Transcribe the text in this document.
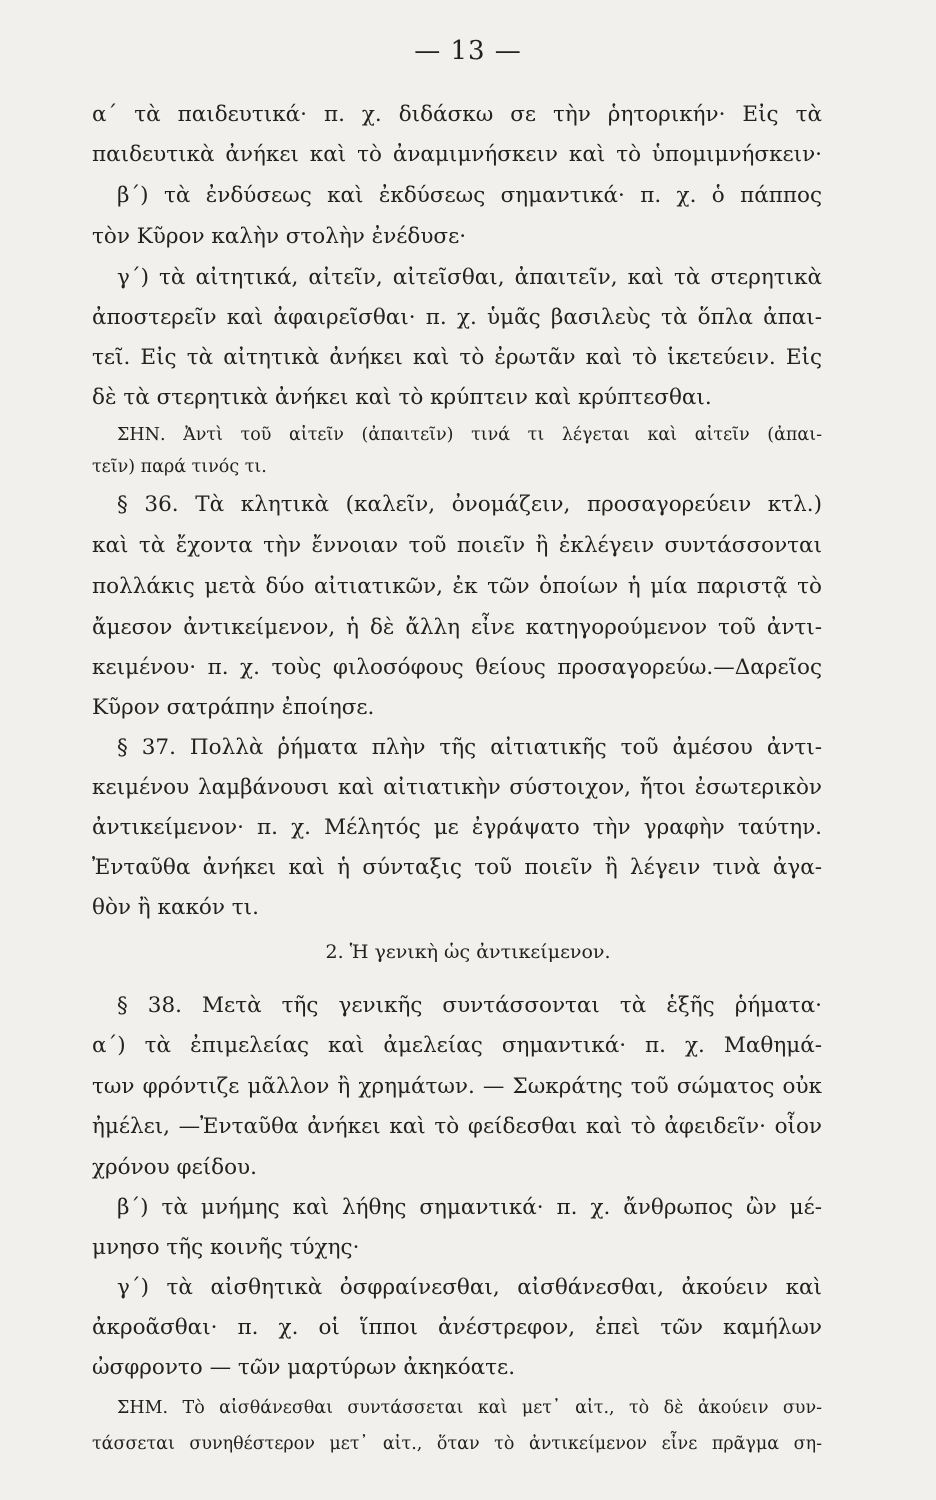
— 13 —
α΄ τὰ παιδευτικά· π. χ. διδάσκω σε τὴν ῥητορικήν· Εἰς τὰ
παιδευτικὰ ἀνήκει καὶ τὸ ἀναμιμνήσκειν καὶ τὸ ὑπομιμνήσκειν·
β΄) τὰ ἐνδύσεως καὶ ἐκδύσεως σημαντικά· π. χ. ὁ πάππος
τὸν Κῦρον καλὴν στολὴν ἐνέδυσε·
γ΄) τὰ αἰτητικά, αἰτεῖν, αἰτεῖσθαι, ἀπαιτεῖν, καὶ τὰ στερητικὰ
ἀποστερεῖν καὶ ἀφαιρεῖσθαι· π. χ. ὑμᾶς βασιλεὺς τὰ ὅπλα ἀπαι-
τεῖ. Εἰς τὰ αἰτητικὰ ἀνήκει καὶ τὸ ἐρωτᾶν καὶ τὸ ἱκετεύειν. Εἰς
δὲ τὰ στερητικὰ ἀνήκει καὶ τὸ κρύπτειν καὶ κρύπτεσθαι.
ΣΗΝ. Ἀντὶ τοῦ αἰτεῖν (ἀπαιτεῖν) τινά τι λέγεται καὶ αἰτεῖν (ἀπαι-
τεῖν) παρά τινός τι.
§ 36. Τὰ κλητικὰ (καλεῖν, ὀνομάζειν, προσαγορεύειν κτλ.)
καὶ τὰ ἔχοντα τὴν ἔννοιαν τοῦ ποιεῖν ἢ ἐκλέγειν συντάσσονται
πολλάκις μετὰ δύο αἰτιατικῶν, ἐκ τῶν ὁποίων ἡ μία παριστᾷ τὸ
ἄμεσον ἀντικείμενον, ἡ δὲ ἄλλη εἶνε κατηγορούμενον τοῦ ἀντι-
κειμένου· π. χ. τοὺς φιλοσόφους θείους προσαγορεύω.—Δαρεῖος
Κῦρον σατράπην ἐποίησε.
§ 37. Πολλὰ ῥήματα πλὴν τῆς αἰτιατικῆς τοῦ ἀμέσου ἀντι-
κειμένου λαμβάνουσι καὶ αἰτιατικὴν σύστοιχον, ἤτοι ἐσωτερικὸν
ἀντικείμενον· π. χ. Μέλητός με ἐγράψατο τὴν γραφὴν ταύτην.
Ἐνταῦθα ἀνήκει καὶ ἡ σύνταξις τοῦ ποιεῖν ἢ λέγειν τινὰ ἀγα-
θὸν ἢ κακόν τι.
2. Ἡ γενικὴ ὡς ἀντικείμενον.
§ 38. Μετὰ τῆς γενικῆς συντάσσονται τὰ ἑξῆς ῥήματα·
α΄) τὰ ἐπιμελείας καὶ ἀμελείας σημαντικά· π. χ. Μαθημά-
των φρόντιζε μᾶλλον ἢ χρημάτων. — Σωκράτης τοῦ σώματος οὐκ
ἠμέλει, —Ἐνταῦθα ἀνήκει καὶ τὸ φείδεσθαι καὶ τὸ ἀφειδεῖν· οἷον
χρόνου φείδου.
β΄) τὰ μνήμης καὶ λήθης σημαντικά· π. χ. ἄνθρωπος ὢν μέ-
μνησο τῆς κοινῆς τύχης·
γ΄) τὰ αἰσθητικὰ ὀσφραίνεσθαι, αἰσθάνεσθαι, ἀκούειν καὶ
ἀκροᾶσθαι· π. χ. οἱ ἵπποι ἀνέστρεφον, ἐπεὶ τῶν καμήλων
ὠσφροντο — τῶν μαρτύρων ἀκηκόατε.
ΣΗΜ. Τὸ αἰσθάνεσθαι συντάσσεται καὶ μετ᾽ αἰτ., τὸ δὲ ἀκούειν συν-
τάσσεται συνηθέστερον μετ᾽ αἰτ., ὅταν τὸ ἀντικείμενον εἶνε πρᾶγμα ση-
